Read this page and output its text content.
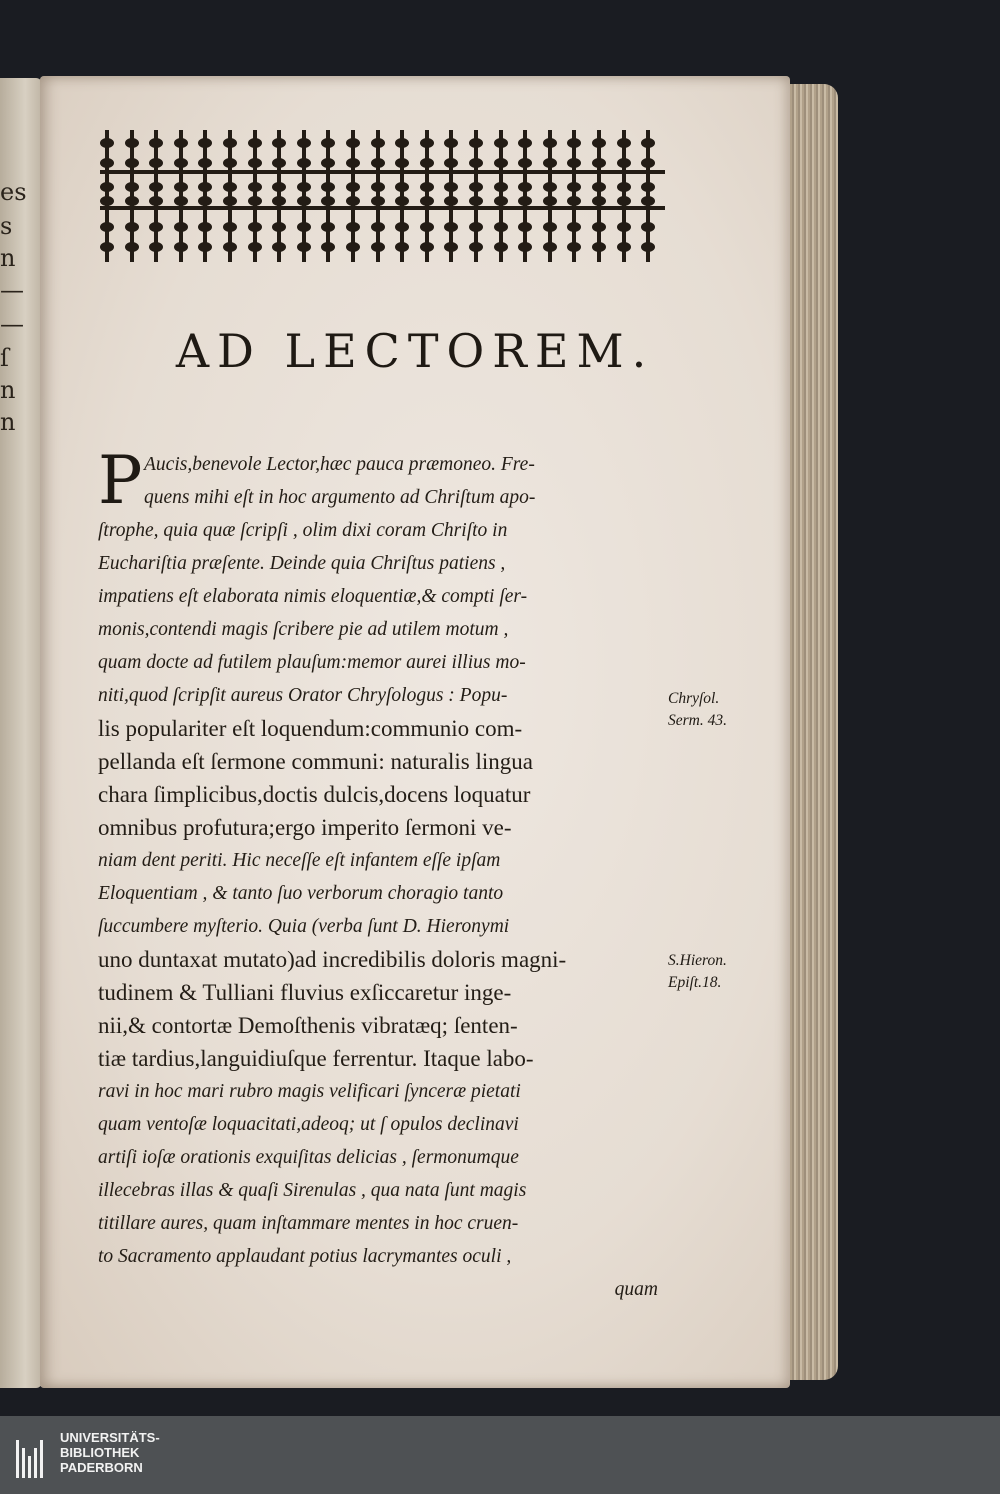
es
s
n
—
—
ſ
n
n
AD LECTOREM.
P Aucis,benevole Lector,hæc pauca præmoneo. Fre-
quens mihi eſt in hoc argumento ad Chriſtum apo-
ſtrophe, quia quæ ſcripſi , olim dixi coram Chriſto in
Euchariſtia præſente. Deinde quia Chriſtus patiens ,
impatiens eſt elaborata nimis eloquentiæ,& compti ſer-
monis,contendi magis ſcribere pie ad utilem motum ,
quam docte ad futilem plauſum:memor aurei illius mo-
niti,quod ſcripſit aureus Orator Chryſologus : Popu-
lis populariter eſt loquendum:communio com-
pellanda eſt ſermone communi: naturalis lingua
chara ſimplicibus,doctis dulcis,docens loquatur
omnibus profutura;ergo imperito ſermoni ve-
niam dent periti. Hic neceſſe eſt infantem eſſe ipſam
Eloquentiam , & tanto ſuo verborum choragio tanto
ſuccumbere myſterio. Quia (verba ſunt D. Hieronymi
uno duntaxat mutato)ad incredibilis doloris magni-
tudinem & Tulliani fluvius exſiccaretur inge-
nii,& contortæ Demoſthenis vibratæq; ſenten-
tiæ tardius,languidiuſque ferrentur. Itaque labo-
ravi in hoc mari rubro magis velificari ſynceræ pietati
quam ventoſæ loquacitati,adeoq; ut ſ opulos declinavi
artiſi ioſæ orationis exquiſitas delicias , ſermonumque
illecebras illas & quaſi Sirenulas , qua nata ſunt magis
titillare aures, quam inſtammare mentes in hoc cruen-
to Sacramento applaudant potius lacrymantes oculi ,
quam
Chryſol.
Serm. 43.
S.Hieron.
Epiſt.18.
UNIVERSITÄTS-
BIBLIOTHEK
PADERBORN
